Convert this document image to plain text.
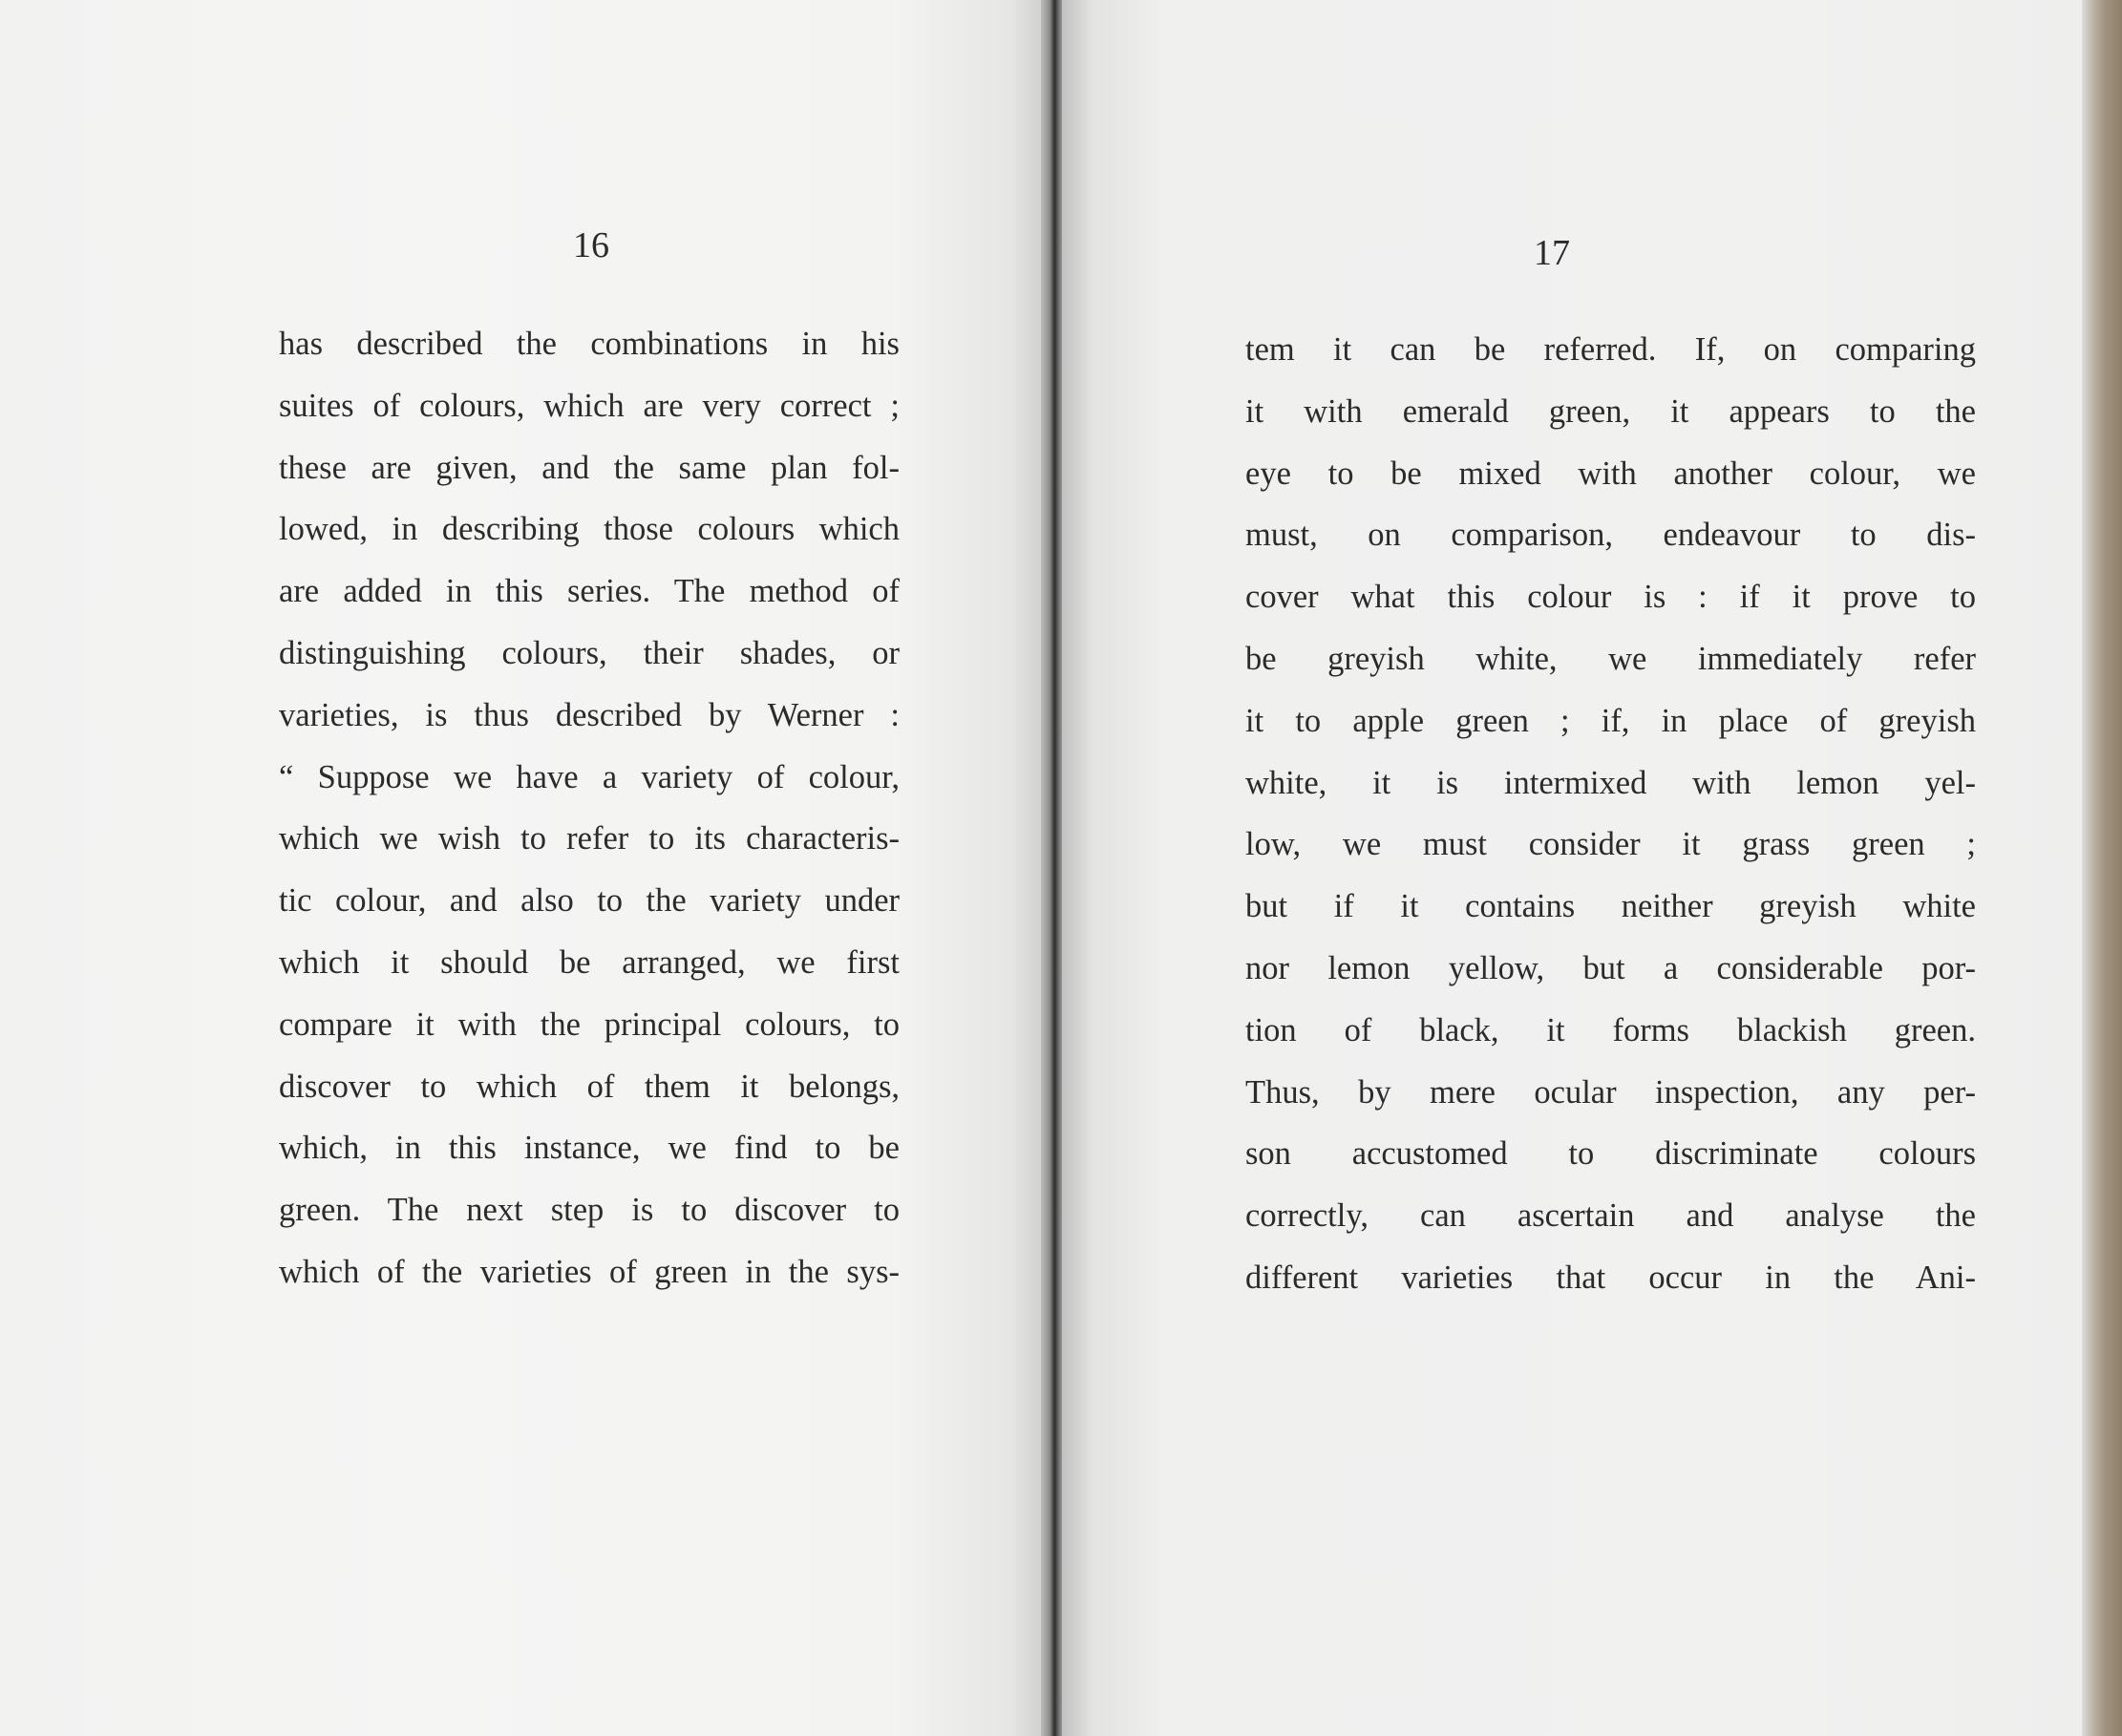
16
has described the combinations in his
suites of colours, which are very correct ;
these are given, and the same plan fol-
lowed, in describing those colours which
are added in this series. The method of
distinguishing colours, their shades, or
varieties, is thus described by Werner :
“ Suppose we have a variety of colour,
which we wish to refer to its characteris-
tic colour, and also to the variety under
which it should be arranged, we first
compare it with the principal colours, to
discover to which of them it belongs,
which, in this instance, we find to be
green. The next step is to discover to
which of the varieties of green in the sys-
17
tem it can be referred. If, on comparing
it with emerald green, it appears to the
eye to be mixed with another colour, we
must, on comparison, endeavour to dis-
cover what this colour is : if it prove to
be greyish white, we immediately refer
it to apple green ; if, in place of greyish
white, it is intermixed with lemon yel-
low, we must consider it grass green ;
but if it contains neither greyish white
nor lemon yellow, but a considerable por-
tion of black, it forms blackish green.
Thus, by mere ocular inspection, any per-
son accustomed to discriminate colours
correctly, can ascertain and analyse the
different varieties that occur in the Ani-
